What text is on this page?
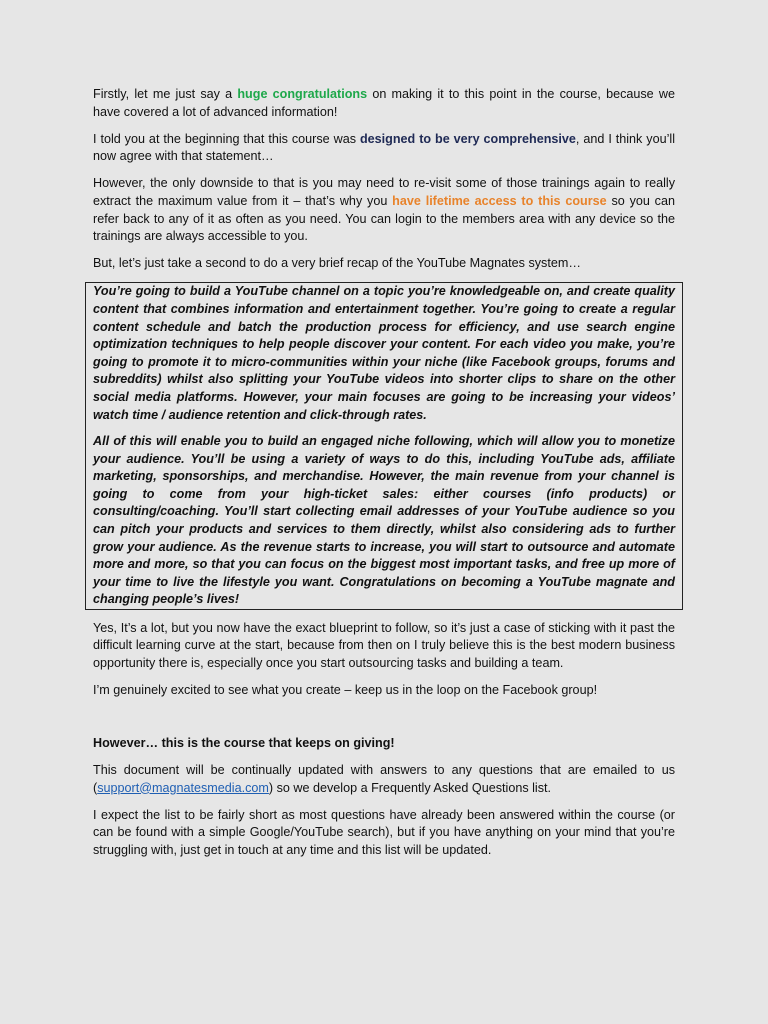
Firstly, let me just say a huge congratulations on making it to this point in the course, because we have covered a lot of advanced information!

I told you at the beginning that this course was designed to be very comprehensive, and I think you’ll now agree with that statement…

However, the only downside to that is you may need to re-visit some of those trainings again to really extract the maximum value from it – that’s why you have lifetime access to this course so you can refer back to any of it as often as you need. You can login to the members area with any device so the trainings are always accessible to you.

But, let’s just take a second to do a very brief recap of the YouTube Magnates system…

You’re going to build a YouTube channel on a topic you’re knowledgeable on, and create quality content that combines information and entertainment together. You’re going to create a regular content schedule and batch the production process for efficiency, and use search engine optimization techniques to help people discover your content. For each video you make, you’re going to promote it to micro-communities within your niche (like Facebook groups, forums and subreddits) whilst also splitting your YouTube videos into shorter clips to share on the other social media platforms. However, your main focuses are going to be increasing your videos’ watch time / audience retention and click-through rates.

All of this will enable you to build an engaged niche following, which will allow you to monetize your audience. You’ll be using a variety of ways to do this, including YouTube ads, affiliate marketing, sponsorships, and merchandise. However, the main revenue from your channel is going to come from your high-ticket sales: either courses (info products) or consulting/coaching. You’ll start collecting email addresses of your YouTube audience so you can pitch your products and services to them directly, whilst also considering ads to further grow your audience. As the revenue starts to increase, you will start to outsource and automate more and more, so that you can focus on the biggest most important tasks, and free up more of your time to live the lifestyle you want. Congratulations on becoming a YouTube magnate and changing people’s lives!

Yes, It’s a lot, but you now have the exact blueprint to follow, so it’s just a case of sticking with it past the difficult learning curve at the start, because from then on I truly believe this is the best modern business opportunity there is, especially once you start outsourcing tasks and building a team.

I’m genuinely excited to see what you create – keep us in the loop on the Facebook group!

However… this is the course that keeps on giving!

This document will be continually updated with answers to any questions that are emailed to us (support@magnatesmedia.com) so we develop a Frequently Asked Questions list.

I expect the list to be fairly short as most questions have already been answered within the course (or can be found with a simple Google/YouTube search), but if you have anything on your mind that you’re struggling with, just get in touch at any time and this list will be updated.
